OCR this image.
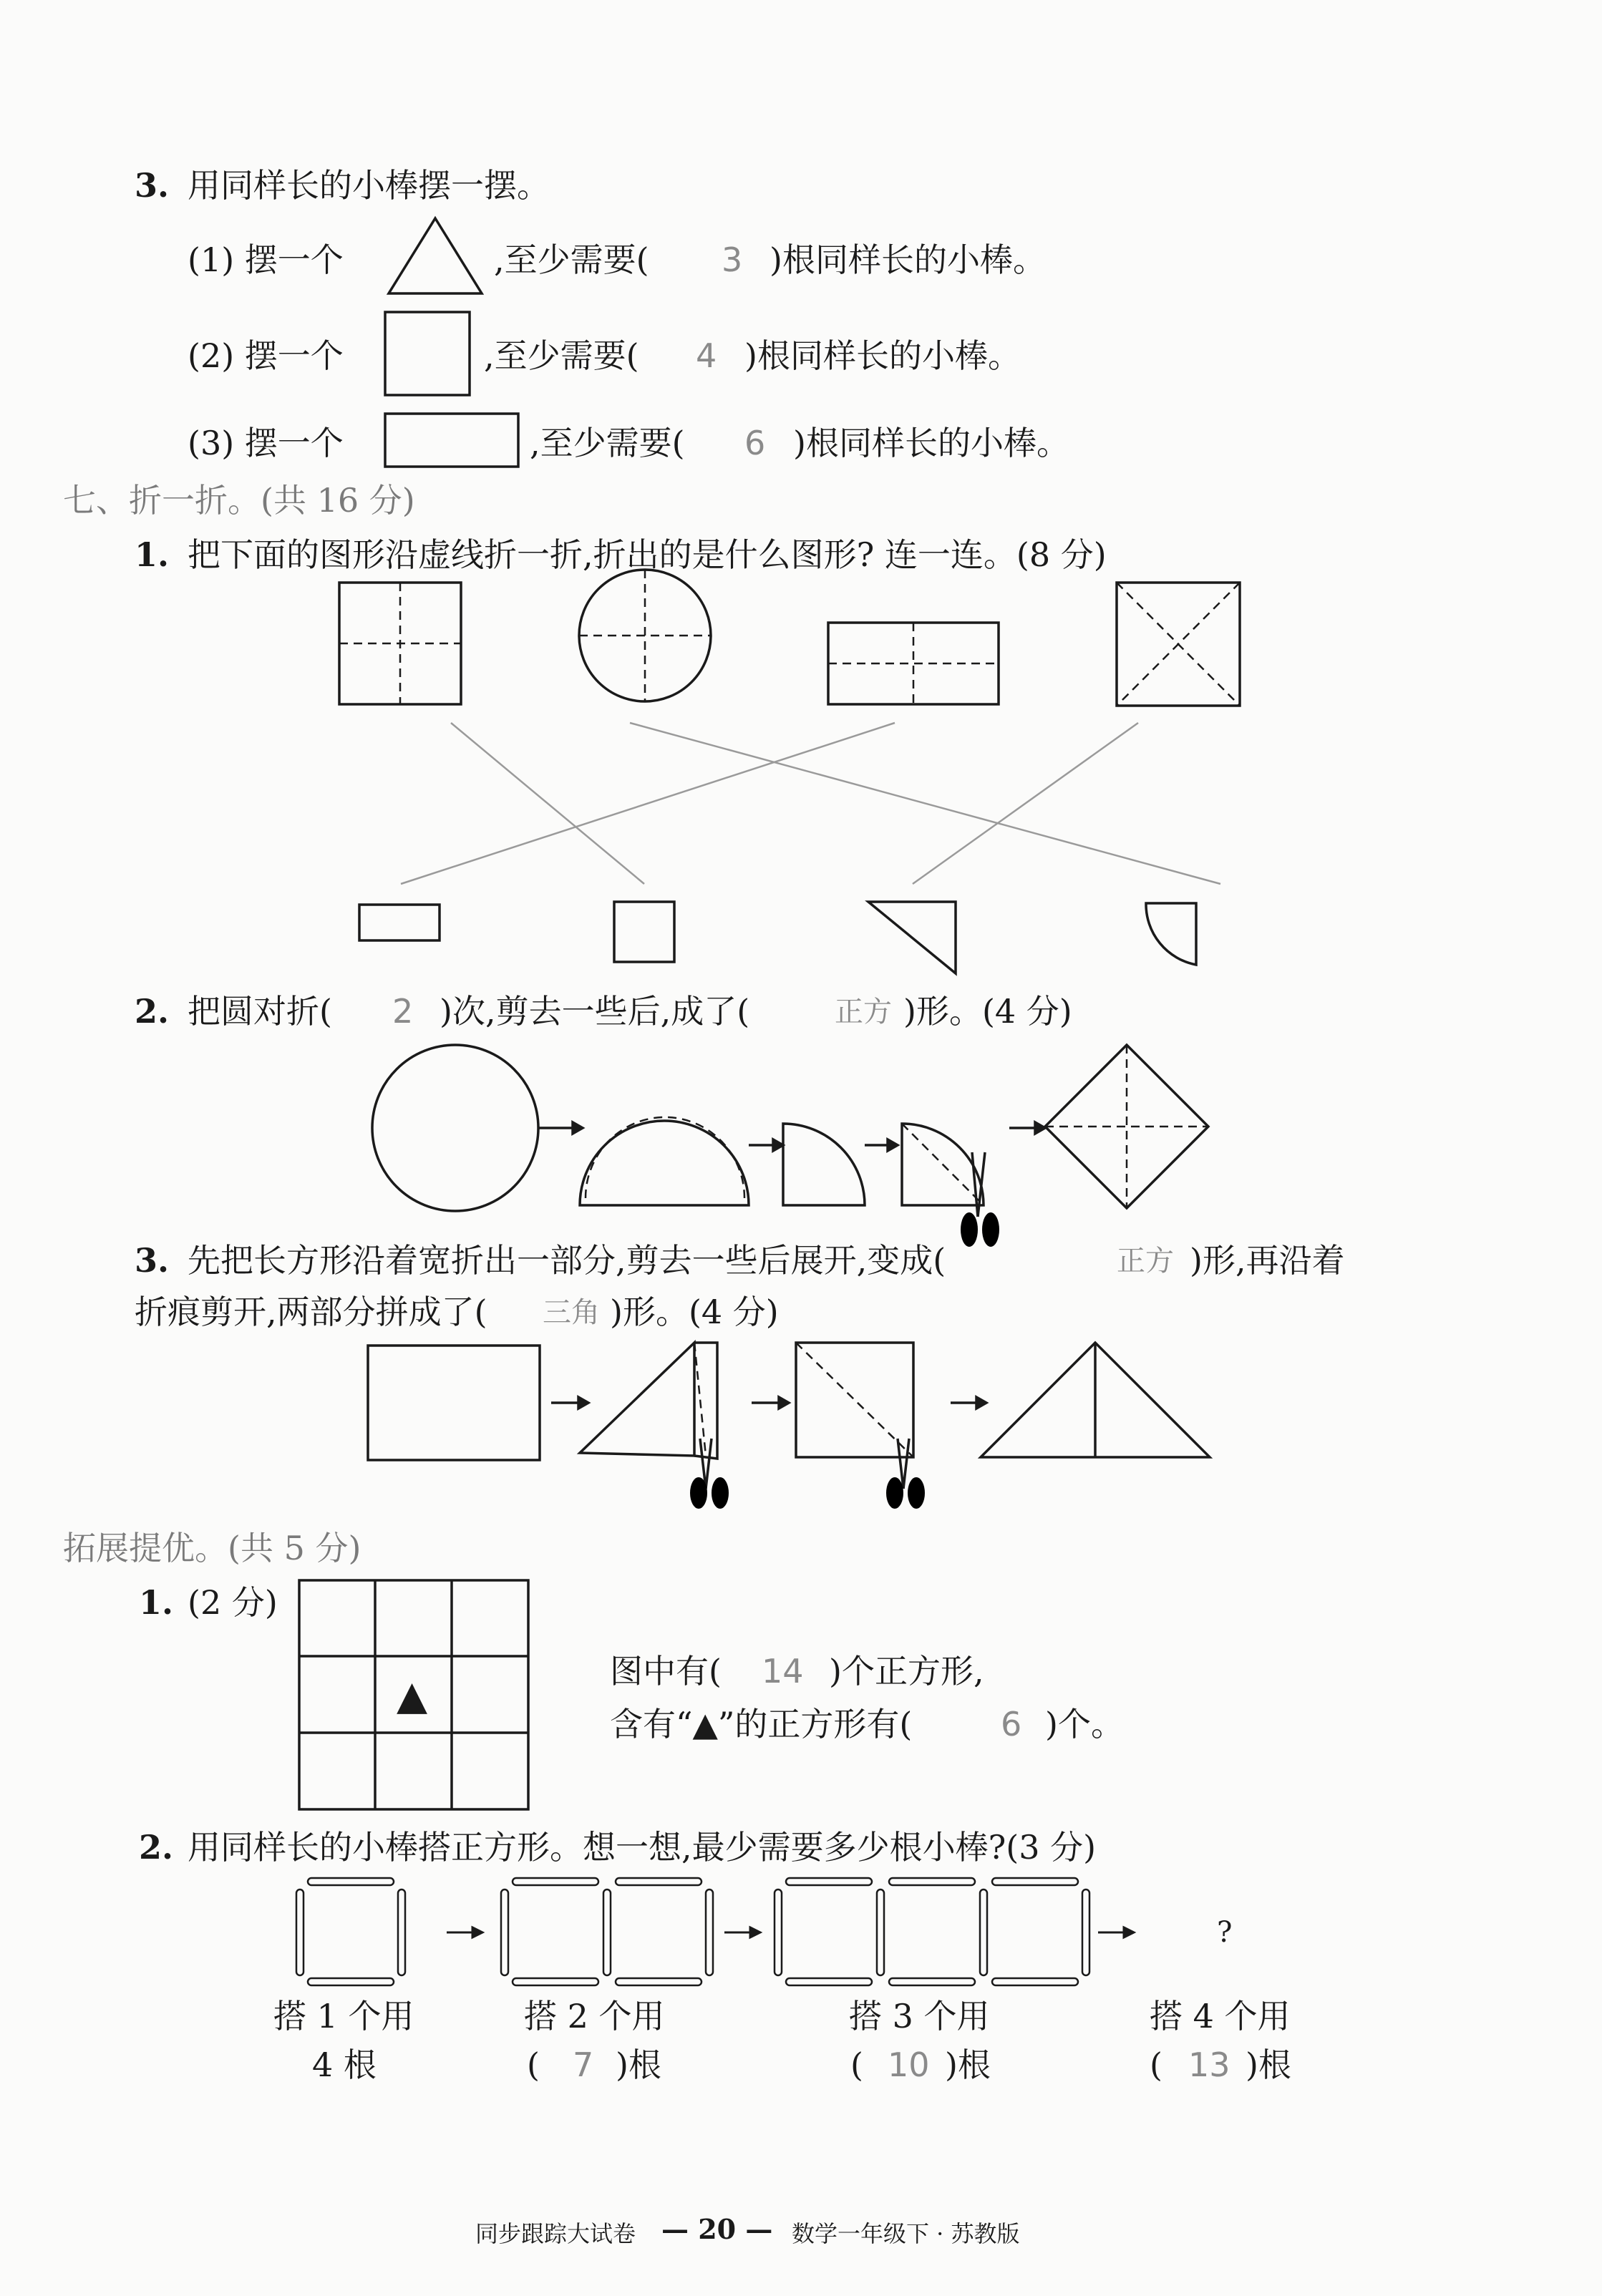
3. 用同样长的小棒摆一摆。
(1) 摆一个	,至少需要( 3 )根同样长的小棒。
(2) 摆一个	,至少需要( 4 )根同样长的小棒。
(3) 摆一个	,至少需要( 6 )根同样长的小棒。
七、折一折。(共 16 分)
1. 把下面的图形沿虚线折一折,折出的是什么图形? 连一连。(8 分)
2. 把圆对折( 2 )次,剪去一些后,成了(	正方 )形。(4 分)
3. 先把长方形沿着宽折出一部分,剪去一些后展开,变成(	正方 )形,再沿着
折痕剪开,两部分拼成了( 三角 )形。(4 分)
拓展提优。(共 5 分)
1. (2 分)
▲
图中有( 14 )个正方形,
含有“▲”的正方形有(	6 )个。
2. 用同样长的小棒搭正方形。想一想,最少需要多少根小棒?(3 分)
?
搭 1 个用
4 根
搭 2 个用
( 7 )根
搭 3 个用
( 10 )根
搭 4 个用
( 13 )根
同步跟踪大试卷 — 20 — 数学一年级下 · 苏教版
